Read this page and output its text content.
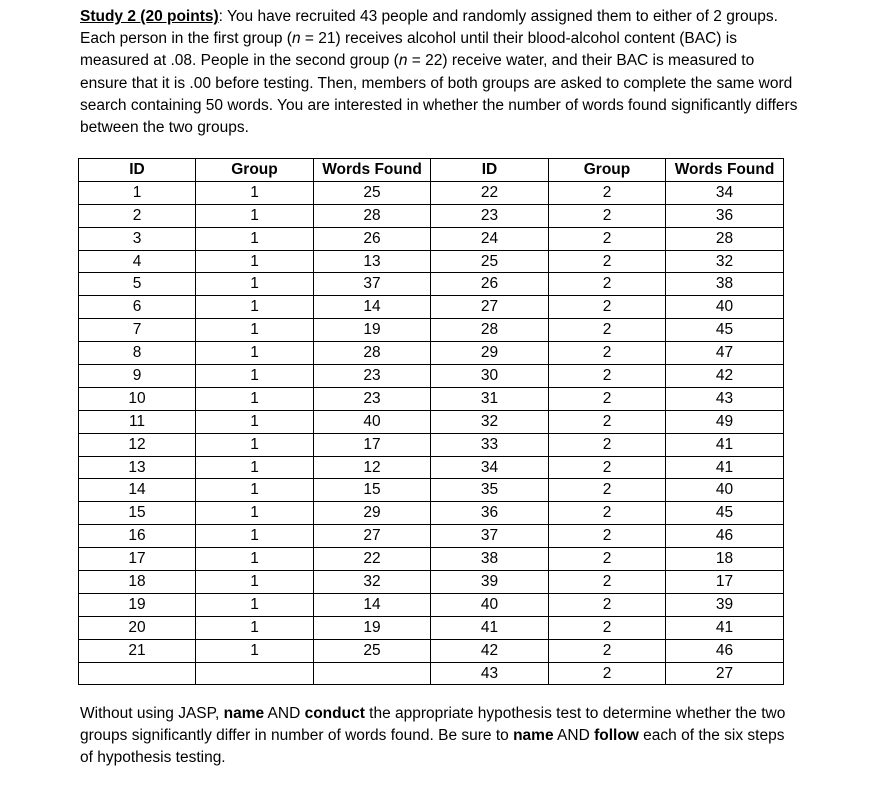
Study 2 (20 points): You have recruited 43 people and randomly assigned them to either of 2 groups. Each person in the first group (n = 21) receives alcohol until their blood-alcohol content (BAC) is measured at .08. People in the second group (n = 22) receive water, and their BAC is measured to ensure that it is .00 before testing. Then, members of both groups are asked to complete the same word search containing 50 words. You are interested in whether the number of words found significantly differs between the two groups.

ID	Group	Words Found	ID	Group	Words Found
1	1	25	22	2	34
2	1	28	23	2	36
3	1	26	24	2	28
4	1	13	25	2	32
5	1	37	26	2	38
6	1	14	27	2	40
7	1	19	28	2	45
8	1	28	29	2	47
9	1	23	30	2	42
10	1	23	31	2	43
11	1	40	32	2	49
12	1	17	33	2	41
13	1	12	34	2	41
14	1	15	35	2	40
15	1	29	36	2	45
16	1	27	37	2	46
17	1	22	38	2	18
18	1	32	39	2	17
19	1	14	40	2	39
20	1	19	41	2	41
21	1	25	42	2	46
			43	2	27

Without using JASP, name AND conduct the appropriate hypothesis test to determine whether the two groups significantly differ in number of words found. Be sure to name AND follow each of the six steps of hypothesis testing.
